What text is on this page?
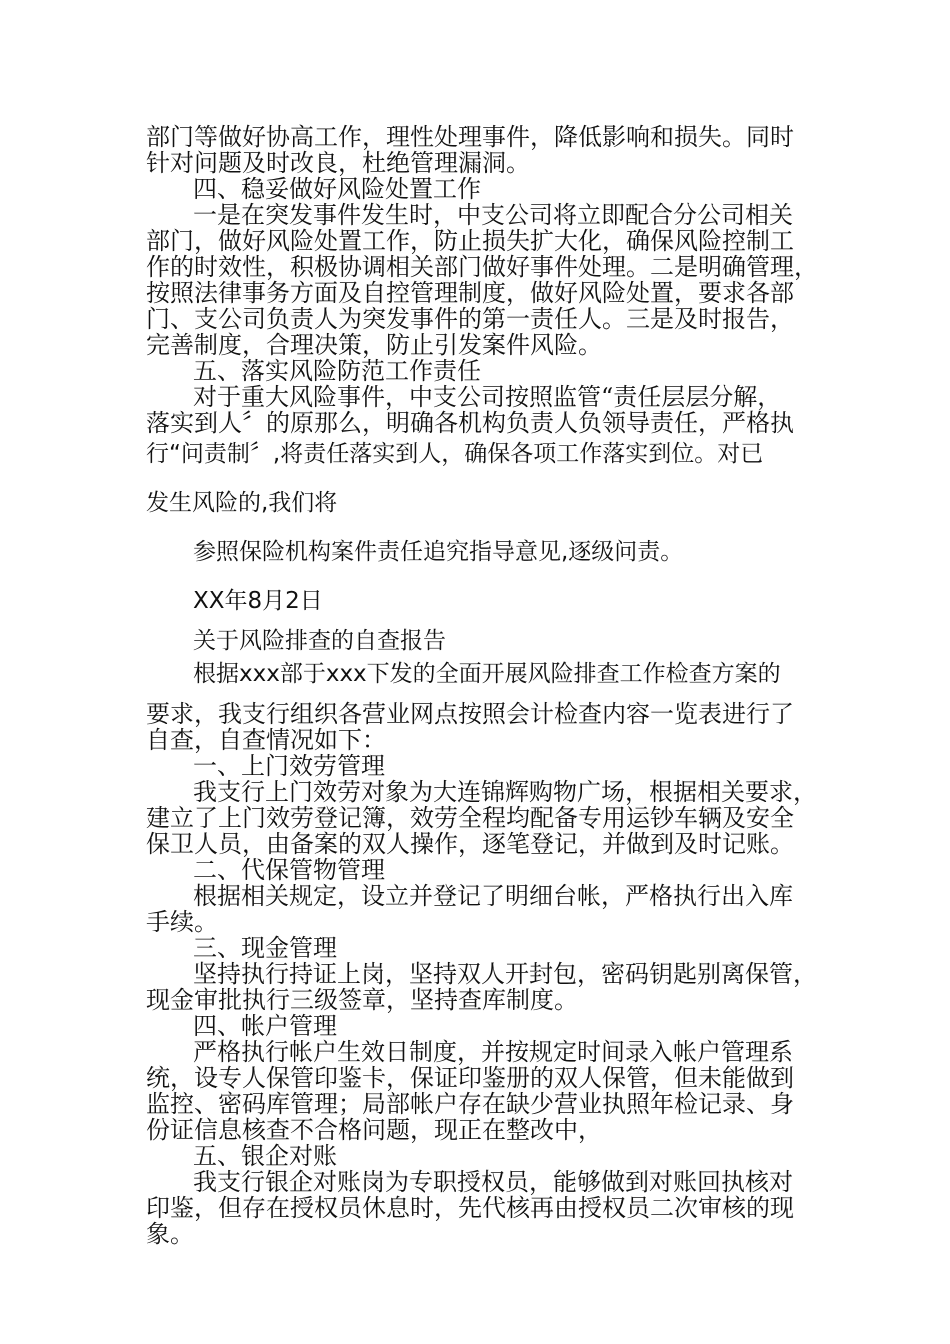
部门等做好协高工作，理性处理事件，降低影响和损失。同时

针对问题及时改良，杜绝管理漏洞。

四、稳妥做好风险处置工作

一是在突发事件发生时，中支公司将立即配合分公司相关

部门，做好风险处置工作，防止损失扩大化，确保风险控制工

作的时效性，积极协调相关部门做好事件处理。二是明确管理，

按照法律事务方面及自控管理制度，做好风险处置，要求各部

门、支公司负责人为突发事件的第一责任人。三是及时报告，

完善制度，合理决策，防止引发案件风险。

五、落实风险防范工作责任

对于重大风险事件，中支公司按照监管“责任层层分解，

落实到人〞的原那么，明确各机构负责人负领导责任，严格执

行“问责制〞,将责任落实到人，确保各项工作落实到位。对已

发生风险的,我们将

参照保险机构案件责任追究指导意见,逐级问责。

XX年8月2日

关于风险排查的自查报告

根据xxx部于xxx下发的全面开展风险排查工作检查方案的

要求，我支行组织各营业网点按照会计检查内容一览表进行了

自查，自查情况如下：

一、上门效劳管理

我支行上门效劳对象为大连锦辉购物广场，根据相关要求，

建立了上门效劳登记簿，效劳全程均配备专用运钞车辆及安全

保卫人员，由备案的双人操作，逐笔登记，并做到及时记账。

二、代保管物管理

根据相关规定，设立并登记了明细台帐，严格执行出入库

手续。

三、现金管理

坚持执行持证上岗，坚持双人开封包，密码钥匙别离保管，

现金审批执行三级签章，坚持查库制度。

四、帐户管理

严格执行帐户生效日制度，并按规定时间录入帐户管理系

统，设专人保管印鉴卡，保证印鉴册的双人保管，但未能做到

监控、密码库管理；局部帐户存在缺少营业执照年检记录、身

份证信息核查不合格问题，现正在整改中，

五、银企对账

我支行银企对账岗为专职授权员，能够做到对账回执核对

印鉴，但存在授权员休息时，先代核再由授权员二次审核的现

象。
